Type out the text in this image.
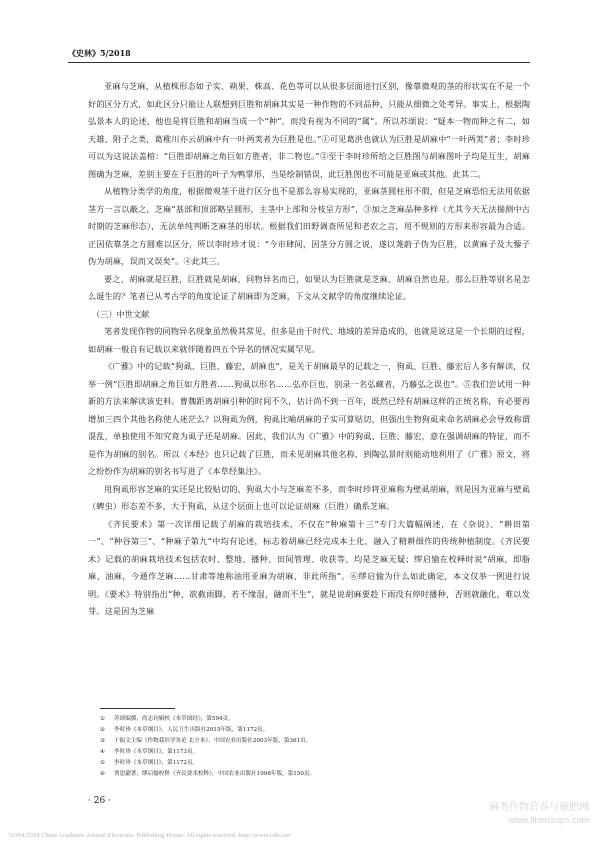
《史林》5/2018

亚麻与芝麻，从植株形态如子实、蒴果、株高、花色等可以从很多层面进行区别，像靠微观的茎的形状实在不是一个好的区分方式，如此区分只能让人联想到巨胜和胡麻其实是一种作物的不同品种，只能从细微之处考异。事实上，根据陶弘景本人的论述，他也是将巨胜和胡麻当成一个“种”，而没有视为不同的“属”。所以苏颂说：“疑本一物而种之有二，如天雄、附子之类，葛稚川亦云胡麻中有一叶两荚者为巨胜是也。”①可见葛洪也就认为巨胜是胡麻中“一叶两荚”者；李时珍可以为这说法盖棺：“巨胜即胡麻之角巨如方胜者，非二物也。”②至于李时珍所给之巨胜图与胡麻图叶子均是互生，胡麻图确为芝麻，差别主要在于巨胜的叶子为鸭掌形，当是绘制错误，此巨胜图也不可能是亚麻或其他。此其二。

从植物分类学的角度，根据微观茎干进行区分也不是那么容易实现的，亚麻茎圆柱形不假，但是芝麻恐怕无法用依据茎方一言以蔽之，芝麻“基部和顶部略呈圆形，主茎中上部和分枝呈方形”，③加之芝麻品种多样（尤其今天无法揣测中古时期的芝麻形态），无法单纯判断芝麻茎的形状。根据我们田野调查所见和老农之言，用不规则的方形来形容最为合适。正因依靠茎之方圆难以区分，所以李时珍才说：“今市肆间，因茎分方圆之说，遂以荛蔚子伪为巨胜，以黄麻子及大藜子伪为胡麻，误而又误矣”。④此其三。

要之，胡麻就是巨胜，巨胜就是胡麻，同物异名而已，如果认为巨胜就是芝麻、胡麻自然也是。那么巨胜等别名是怎么诞生的？笔者已从考古学的角度论证了胡麻即为芝麻，下文从文献学的角度继续论证。

（三）中世文献

笔者发现作物的同物异名现象虽然极其常见，但多是由于时代、地域的差异造成的，也就是说这是一个长期的过程，如胡麻一般自有记载以来就伴随着四五个异名的情况实属罕见。

《广雅》中的记载“狗虱、巨胜、藤宏，胡麻也”，是关于胡麻最早的记载之一，狗虱、巨胜、藤宏后人多有解读，仅举一例“巨胜即胡麻之角巨如方胜者……狗虱以形名……弘亦巨也，别录一名弘藏者，乃藤弘之误也”。⑤我们尝试用一种新的方法来解读该史料。曹魏距离胡麻引种的时间不久，估计尚不到一百年，既然已经有胡麻这样的正统名称，有必要再增加三四个其他名称使人迷茫么？以狗虱为例，狗虱比喻胡麻的子实可算贴切，但强出生物狗虱来命名胡麻必会导致称谓混乱，单独使用不知究竟为虱子还是胡麻。因此，我们认为《广雅》中的狗虱、巨胜、藤宏，意在强调胡麻的特征，而不是作为胡麻的别名。所以《本经》也只记载了巨胜，而未见胡麻其他名称，到陶弘景时则能动地利用了《广雅》原文，将之纷纷作为胡麻的别名书写进了《本草经集注》。

用狗虱形容芝麻的实还是比较贴切的，狗虱大小与芝麻差不多，而李时珍将亚麻称为壁虱胡麻，则是因为亚麻与壁虱（蜱虫）形态差不多，大于狗虱，从这个层面上也可以论证胡麻（巨胜）确系芝麻。

《齐民要术》第一次详细记载了胡麻的栽培技术，不仅在“种麻第十三”专门大篇幅阐述，在《杂说》、“耕田第一”、“种谷第三”、“种麻子第九”中均有论述，标志着胡麻已经完成本土化，融入了精耕细作的传统种植制度。《齐民要术》记载的胡麻栽培技术包括农时、整地、播种、田间管理、收获等，均是芝麻无疑；缪启愉在校释时说“胡麻，即脂麻、油麻，今通作芝麻……甘肃等地称油用亚麻为胡麻，非此所指”。⑥缪启愉为什么如此确定，本文仅举一例进行说明。《要术》特别指出“种，欲截雨脚，若不缘湿，融而不生”，就是说胡麻要趁下雨没有停时播种，否则就融化，难以发芽。这是因为芝麻

① 苏颂编撰，尚志钧辑校《本草图经》，第594页。
② 李时珍《本草纲目》，人民卫生出版社2015年版，第1172页。
③ 于振文主编《作物栽培学各论 北方本》，中国农业出版社2003年版，第361页。
④ 李时珍《本草纲目》，第1173页。
⑤ 李时珍《本草纲目》，第1172页。
⑥ 贾思勰著，缪启愉校释《齐民要术校释》，中国农业出版社1998年版，第150页。
· 26 ·
?1994-2018 China Academic Journal Electronic Publishing House. All rights reserved. http://www.cnki.net
麻类作物营养与施肥网
www.fibercrops.com
